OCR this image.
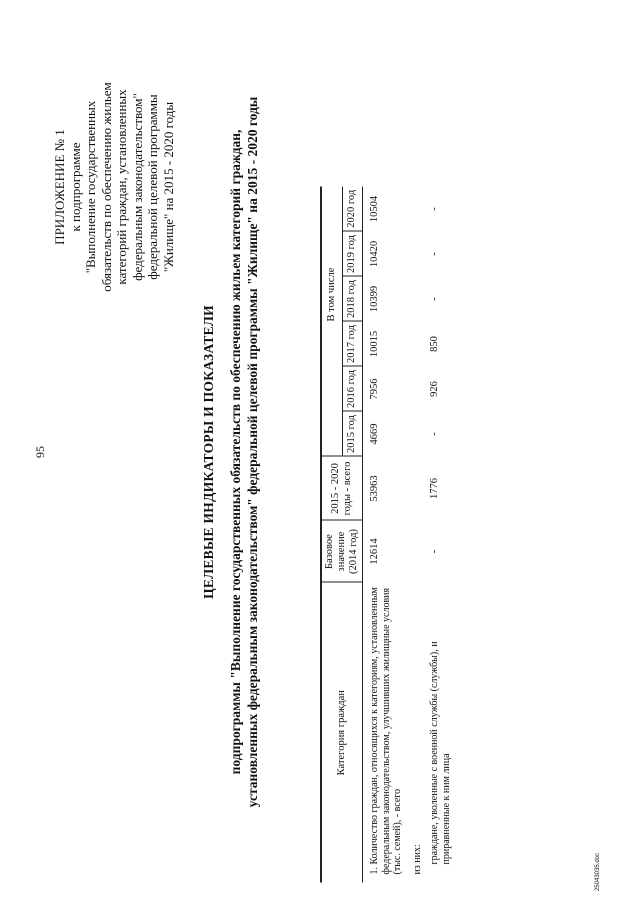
95
25043035.doc
ПРИЛОЖЕНИЕ № 1 к подпрограмме "Выполнение государственных обязательств по обеспечению жильем категорий граждан, установленных федеральным законодательством" федеральной целевой программы "Жилище" на 2015 - 2020 годы
ЦЕЛЕВЫЕ ИНДИКАТОРЫ И ПОКАЗАТЕЛИ подпрограммы "Выполнение государственных обязательств по обеспечению жильем категорий граждан, установленных федеральным законодательством" федеральной целевой программы "Жилище" на 2015 - 2020 годы	Категория граждан	Базовое значение (2014 год)	2015 - 2020 годы - всего				В том числе		
			2015 год	2016 год	2017 год	2018 год	2019 год	2020 год
1. Количество граждан, относящихся к категориям, установленным федеральным законодательством, улучшивших жилищные условия (тыс. семей), - всего	12614	53963	4669	7956	10015	10399	10420	10504
из них:								
граждане, уволенные с военной службы (службы), и приравненные к ним лица	-	1776	-	926	850	-	-	-
